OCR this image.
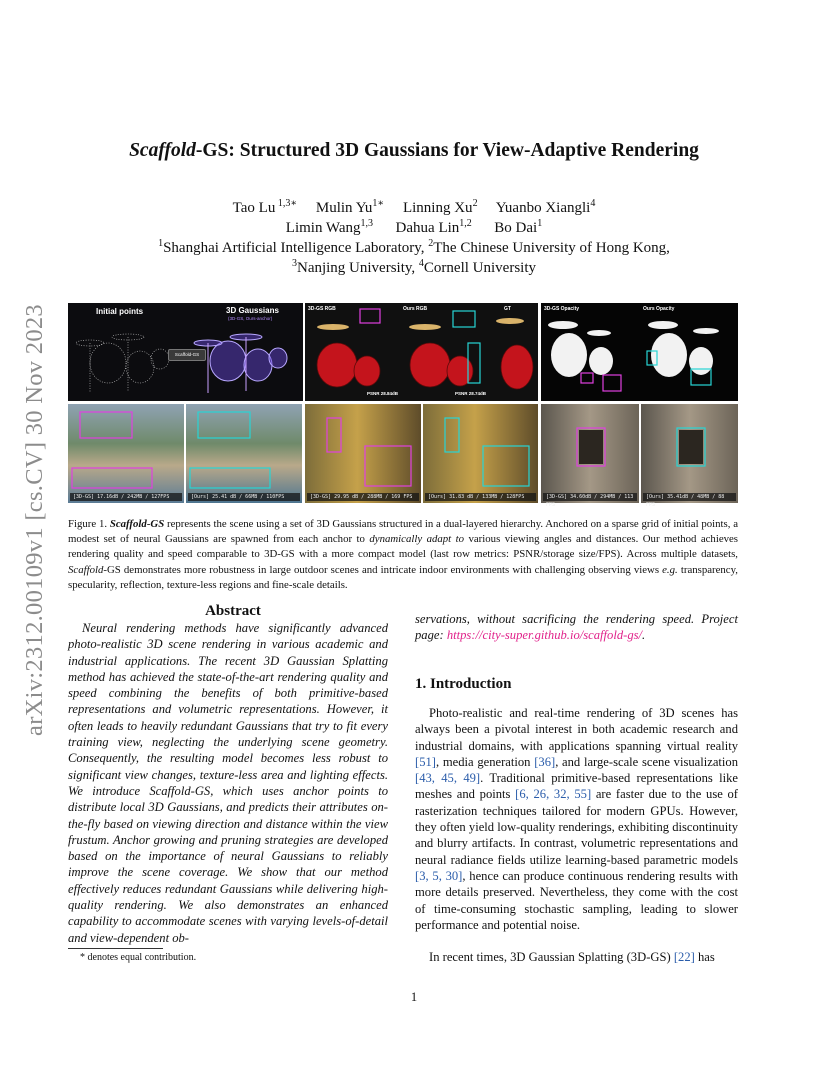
arXiv:2312.00109v1 [cs.CV] 30 Nov 2023
Scaffold-GS: Structured 3D Gaussians for View-Adaptive Rendering
Tao Lu $^{1,3∗}$ Mulin $Yu^{1∗}$ Linning Xu$^2$ Yuanbo Xiangli$^4$
Limin Wang$^{1,3}$ Dahua Lin$^{1,2}$ Bo Dai$^1$
$^1$Shanghai Artificial Intelligence Laboratory, $^2$The Chinese University of Hong Kong,
$^3$Nanjing University, $^4$Cornell University
Initial points	3D Gaussians
(3D-GS, Ours-anchor)
Scaffold-GS
3D-GS RGB	Ours RGB	GT
PSNR 28.84dB	PSNR 28.74dB
3D-GS Opacity	Ours Opacity
[3D-GS] 17.16dB / 242MB / 127FPS	[Ours] 25.41 dB / 66MB / 110FPS	[3D-GS] 29.95 dB / 288MB / 169 FPS	[Ours] 31.83 dB / 133MB / 128FPS	[3D-GS] 34.60dB / 294MB / 113 FPS
[Ours] 35.41dB / 48MB / 88 FPS
Figure 1. Scaffold-GS represents the scene using a set of 3D Gaussians structured in a dual-layered hierarchy. Anchored on a sparse grid of initial points, a modest set of neural Gaussians are spawned from each anchor to dynamically adapt to various viewing angles and distances. Our method achieves rendering quality and speed comparable to 3D-GS with a more compact model (last row metrics: PSNR/storage size/FPS). Across multiple datasets, Scaffold-GS demonstrates more robustness in large outdoor scenes and intricate indoor environments with challenging observing views e.g. transparency, specularity, reflection, texture-less regions and fine-scale details.
Abstract
Neural rendering methods have significantly advanced photo-realistic 3D scene rendering in various academic and industrial applications. The recent 3D Gaussian Splatting method has achieved the state-of-the-art rendering quality and speed combining the benefits of both primitive-based representations and volumetric representations. However, it often leads to heavily redundant Gaussians that try to fit every training view, neglecting the underlying scene geometry. Consequently, the resulting model becomes less robust to significant view changes, texture-less area and lighting effects. We introduce Scaffold-GS, which uses anchor points to distribute local 3D Gaussians, and predicts their attributes on-the-fly based on viewing direction and distance within the view frustum. Anchor growing and pruning strategies are developed based on the importance of neural Gaussians to reliably improve the scene coverage. We show that our method effectively reduces redundant Gaussians while delivering high-quality rendering. We also demonstrates an enhanced capability to accommodate scenes with varying levels-of-detail and view-dependent ob-
servations, without sacrificing the rendering speed. Project page: https://city-super.github.io/scaffold-gs/.
1. Introduction
Photo-realistic and real-time rendering of 3D scenes has always been a pivotal interest in both academic research and industrial domains, with applications spanning virtual reality [51], media generation [36], and large-scale scene visualization [43, 45, 49]. Traditional primitive-based representations like meshes and points [6, 26, 32, 55] are faster due to the use of rasterization techniques tailored for modern GPUs. However, they often yield low-quality renderings, exhibiting discontinuity and blurry artifacts. In contrast, volumetric representations and neural radiance fields utilize learning-based parametric models [3, 5, 30], hence can produce continuous rendering results with more details preserved. Nevertheless, they come with the cost of time-consuming stochastic sampling, leading to slower performance and potential noise.
In recent times, 3D Gaussian Splatting (3D-GS) [22] has
* denotes equal contribution.
1
